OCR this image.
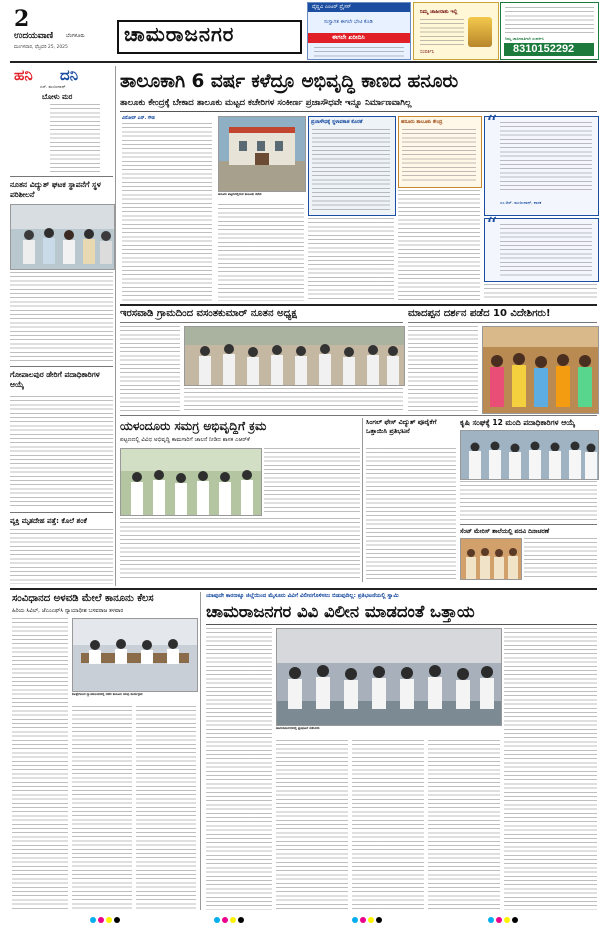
2
ಉದಯವಾಣಿ	ಬೆಂಗಳೂರು
ಮಂಗಳವಾರ, ಫೆಬ್ರವರಿ 25, 2025
ಚಾಮರಾಜನಗರ
ವೈಷ್ಣವಿ ಎಂಟರ್ ಪ್ರೈಸಸ್
ಸುಸ್ವಾಗತ ಈಗಲೇ ಭೇಟಿ ಕೊಡಿ
ಈಗಲೇ ಖರೀದಿಸಿ
ನಿಮ್ಮ ಜಾಹೀರಾತು ಇಲ್ಲಿ
ಸಂಪರ್ಕಿಸಿ
ನಿಮ್ಮ ಜಾಹೀರಾತಿಗಾಗಿ ಸಂಪರ್ಕಿಸಿ
8310152292
ಹನಿ ದನಿ
ಎಸ್. ಮಂಜುನಾಥ್
ಬೋಳು ಮರ
ನೂತನ ವಿದ್ಯುತ್ ಘಟಕ ಸ್ಥಾಪನೆಗೆ ಸ್ಥಳ ಪರಿಶೀಲನೆ
ಗೋಪಾಲಪುರ ಡೇರಿಗೆ ಪದಾಧಿಕಾರಿಗಳ ಆಯ್ಕೆ
ವ್ಯಕ್ತಿ ಮೃತದೇಹ ಪತ್ತೆ: ಕೊಲೆ ಶಂಕೆ
ತಾಲೂಕಾಗಿ 6 ವರ್ಷ ಕಳೆದ್ರೂ ಅಭಿವೃದ್ಧಿ ಕಾಣದ ಹನೂರು
ತಾಲೂಕು ಕೇಂದ್ರಕ್ಕೆ ಬೇಕಾದ ತಾಲೂಕು ಮಟ್ಟದ ಕಚೇರಿಗಳ ಸಂಕೀರ್ಣ ಪ್ರಜಾಸೌಧವೇ ಇನ್ನೂ ನಿರ್ಮಾಣವಾಗಿಲ್ಲ
ವಿನೋದ್ ಎನ್. ಗೌಡ
ಹನೂರು ಪಟ್ಟಣದಲ್ಲಿರುವ ತಾಲೂಕು ಕಚೇರಿ
ಪ್ರಜಾಸೌಧಕ್ಕೆ ಸ್ಥಳಾವಕಾಶ ಕೊರತೆ	ಹನೂರು ತಾಲೂಕು ಕೇಂದ್ರ	“
ಎಂ.ಆರ್. ಮಂಜುನಾಥ್, ಶಾಸಕ
“
ಇರಸವಾಡಿ ಗ್ರಾಮದಿಂದ ವಸಂತಕುಮಾರ್ ನೂತನ ಅಧ್ಯಕ್ಷ	ಮಾದಪ್ಪನ ದರ್ಶನ ಪಡೆದ 10 ವಿದೇಶಿಗರು!
ಯಳಂದೂರು ಸಮಗ್ರ ಅಭಿವೃದ್ಧಿಗೆ ಕ್ರಮ
ಪಟ್ಟಣದಲ್ಲಿ ವಿವಿಧ ಅಭಿವೃದ್ಧಿ ಕಾಮಗಾರಿಗೆ ಚಾಲನೆ ನೀಡಿದ ಶಾಸಕ ಎಆರ್‌ಕೆ
ಸಿಂಗಲ್ ಫೇಸ್ ವಿದ್ಯುತ್ ಪೂರೈಕೆಗೆ ಒತ್ತಾಯಿಸಿ ಪ್ರತಿಭಟನೆ
ಕೃಷಿ ಸಂಘಕ್ಕೆ 12 ಮಂದಿ ಪದಾಧಿಕಾರಿಗಳ ಆಯ್ಕೆ
ಸೆಂಟ್ ಮೇರಿಸ್ ಶಾಲೆಯಲ್ಲಿ ಪದವಿ ದಿನಾಚರಣೆ
ಸಂವಿಧಾನದ ಅಳವಡಿ ಮೇಲೆ ಕಾನೂನು ಕೆಲಸ
ಹಿರಿಯ ಸಿವಿಲ್, ಜೆಎಂಎಫ್‌ಸಿ ನ್ಯಾಯಾಧೀಶ ಬಸವರಾಜ ತಳವಾರ
ಕೊಳ್ಳೇಗಾಲದ ನ್ಯಾಯಾಲಯದಲ್ಲಿ ನಡೆದ ಕಾನೂನು ಅರಿವು ಕಾರ್ಯಕ್ರಮ
ಯಾವುದೇ ಕಾರಣಕ್ಕೂ ಜಿಲ್ಲೆಯಿಂದ ಮೈಸೂರು ವಿವಿಗೆ ವಿಲೀನಗೊಳಿಸಲು ಬಿಡುವುದಿಲ್ಲ: ಪ್ರತಿಭಟನೆಯಲ್ಲಿ ಸ್ವಾಮಿ
ಚಾಮರಾಜನಗರ ವಿವಿ ವಿಲೀನ ಮಾಡದಂತೆ ಒತ್ತಾಯ
ಚಾಮರಾಜನಗರದಲ್ಲಿ ಪ್ರತಿಭಟನೆ ನಡೆಸಿದರು
